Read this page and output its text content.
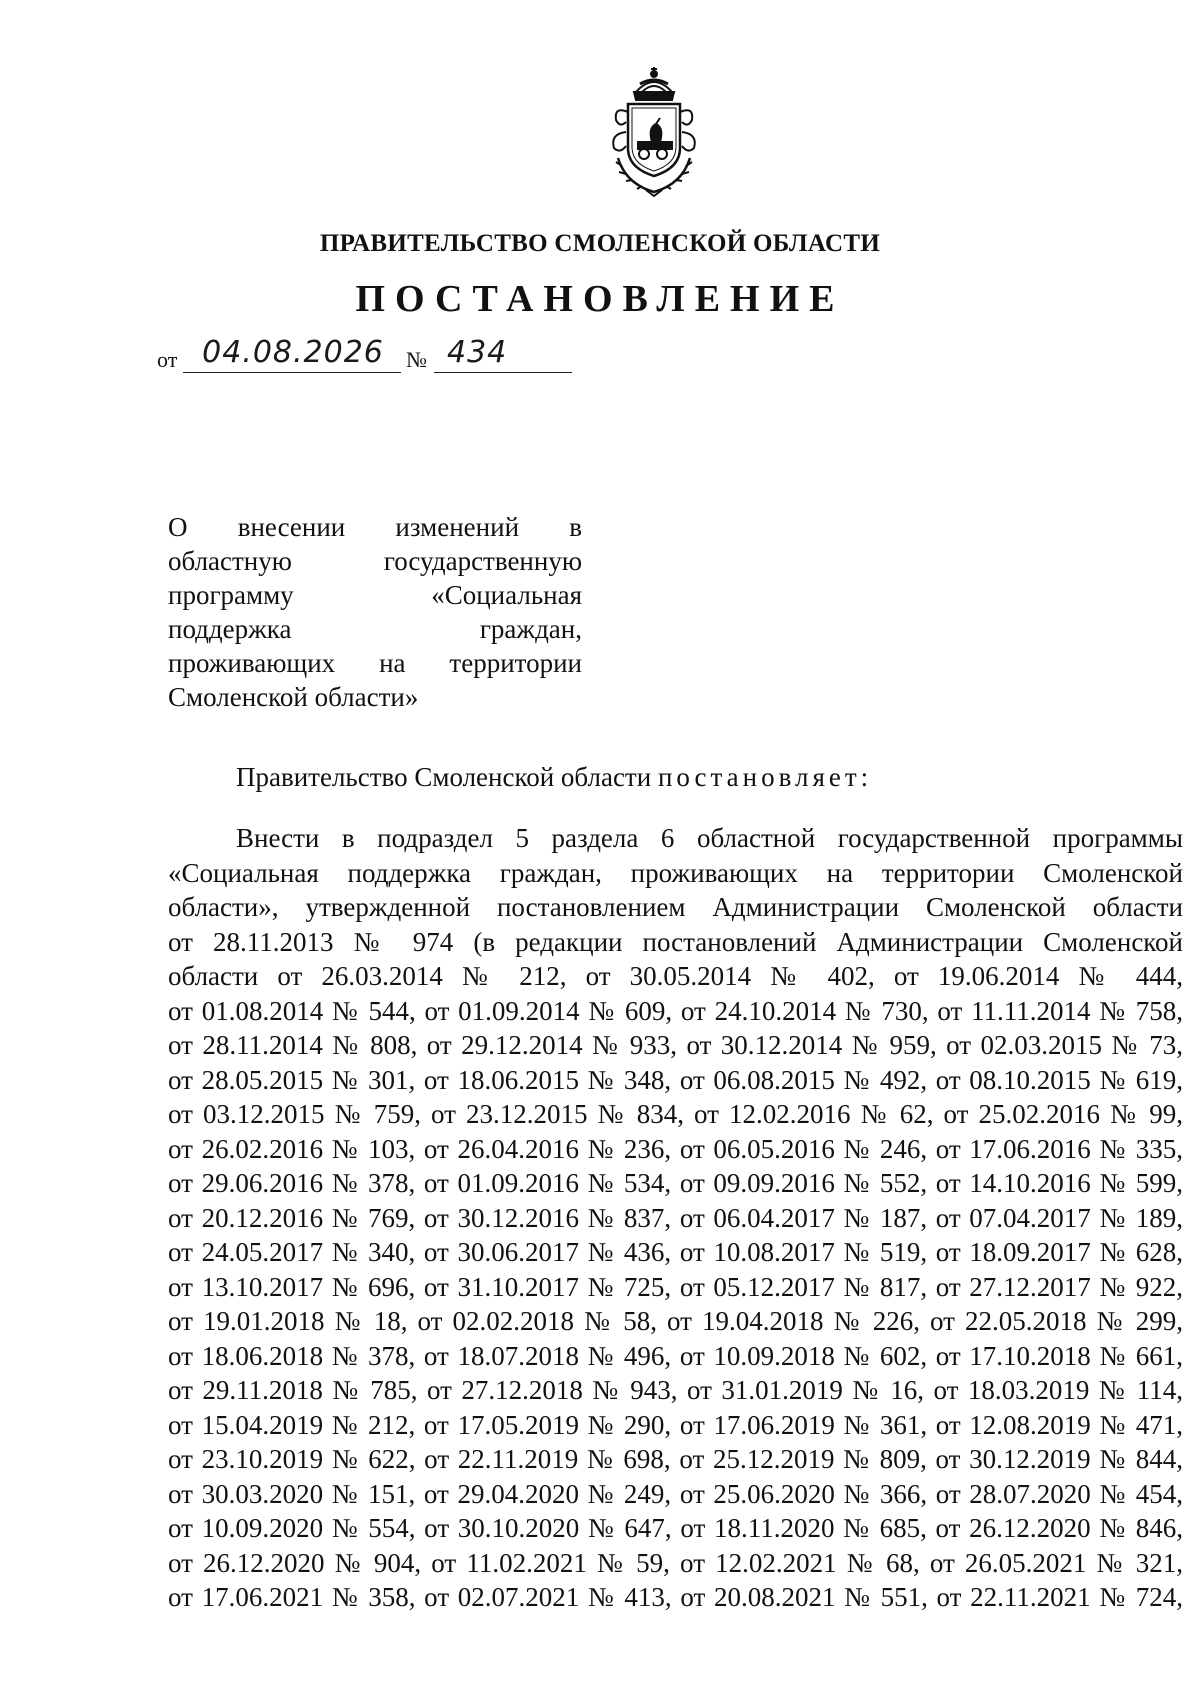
ПРАВИТЕЛЬСТВО СМОЛЕНСКОЙ ОБЛАСТИ
ПОСТАНОВЛЕНИЕ
от 04.08.2026	№ 434
О внесении изменений в
областную государственную
программу «Социальная
поддержка граждан,
проживающих на территории
Смоленской области»
Правительство Смоленской области постановляет:
Внести в подраздел 5 раздела 6 областной государственной программы
«Социальная поддержка граждан, проживающих на территории Смоленской
области», утвержденной постановлением Администрации Смоленской области
от 28.11.2013 № 974 (в редакции постановлений Администрации Смоленской
области от 26.03.2014 № 212, от 30.05.2014 № 402, от 19.06.2014 № 444,
от 01.08.2014 № 544, от 01.09.2014 № 609, от 24.10.2014 № 730, от 11.11.2014 № 758,
от 28.11.2014 № 808, от 29.12.2014 № 933, от 30.12.2014 № 959, от 02.03.2015 № 73,
от 28.05.2015 № 301, от 18.06.2015 № 348, от 06.08.2015 № 492, от 08.10.2015 № 619,
от 03.12.2015 № 759, от 23.12.2015 № 834, от 12.02.2016 № 62, от 25.02.2016 № 99,
от 26.02.2016 № 103, от 26.04.2016 № 236, от 06.05.2016 № 246, от 17.06.2016 № 335,
от 29.06.2016 № 378, от 01.09.2016 № 534, от 09.09.2016 № 552, от 14.10.2016 № 599,
от 20.12.2016 № 769, от 30.12.2016 № 837, от 06.04.2017 № 187, от 07.04.2017 № 189,
от 24.05.2017 № 340, от 30.06.2017 № 436, от 10.08.2017 № 519, от 18.09.2017 № 628,
от 13.10.2017 № 696, от 31.10.2017 № 725, от 05.12.2017 № 817, от 27.12.2017 № 922,
от 19.01.2018 № 18, от 02.02.2018 № 58, от 19.04.2018 № 226, от 22.05.2018 № 299,
от 18.06.2018 № 378, от 18.07.2018 № 496, от 10.09.2018 № 602, от 17.10.2018 № 661,
от 29.11.2018 № 785, от 27.12.2018 № 943, от 31.01.2019 № 16, от 18.03.2019 № 114,
от 15.04.2019 № 212, от 17.05.2019 № 290, от 17.06.2019 № 361, от 12.08.2019 № 471,
от 23.10.2019 № 622, от 22.11.2019 № 698, от 25.12.2019 № 809, от 30.12.2019 № 844,
от 30.03.2020 № 151, от 29.04.2020 № 249, от 25.06.2020 № 366, от 28.07.2020 № 454,
от 10.09.2020 № 554, от 30.10.2020 № 647, от 18.11.2020 № 685, от 26.12.2020 № 846,
от 26.12.2020 № 904, от 11.02.2021 № 59, от 12.02.2021 № 68, от 26.05.2021 № 321,
от 17.06.2021 № 358, от 02.07.2021 № 413, от 20.08.2021 № 551, от 22.11.2021 № 724,
